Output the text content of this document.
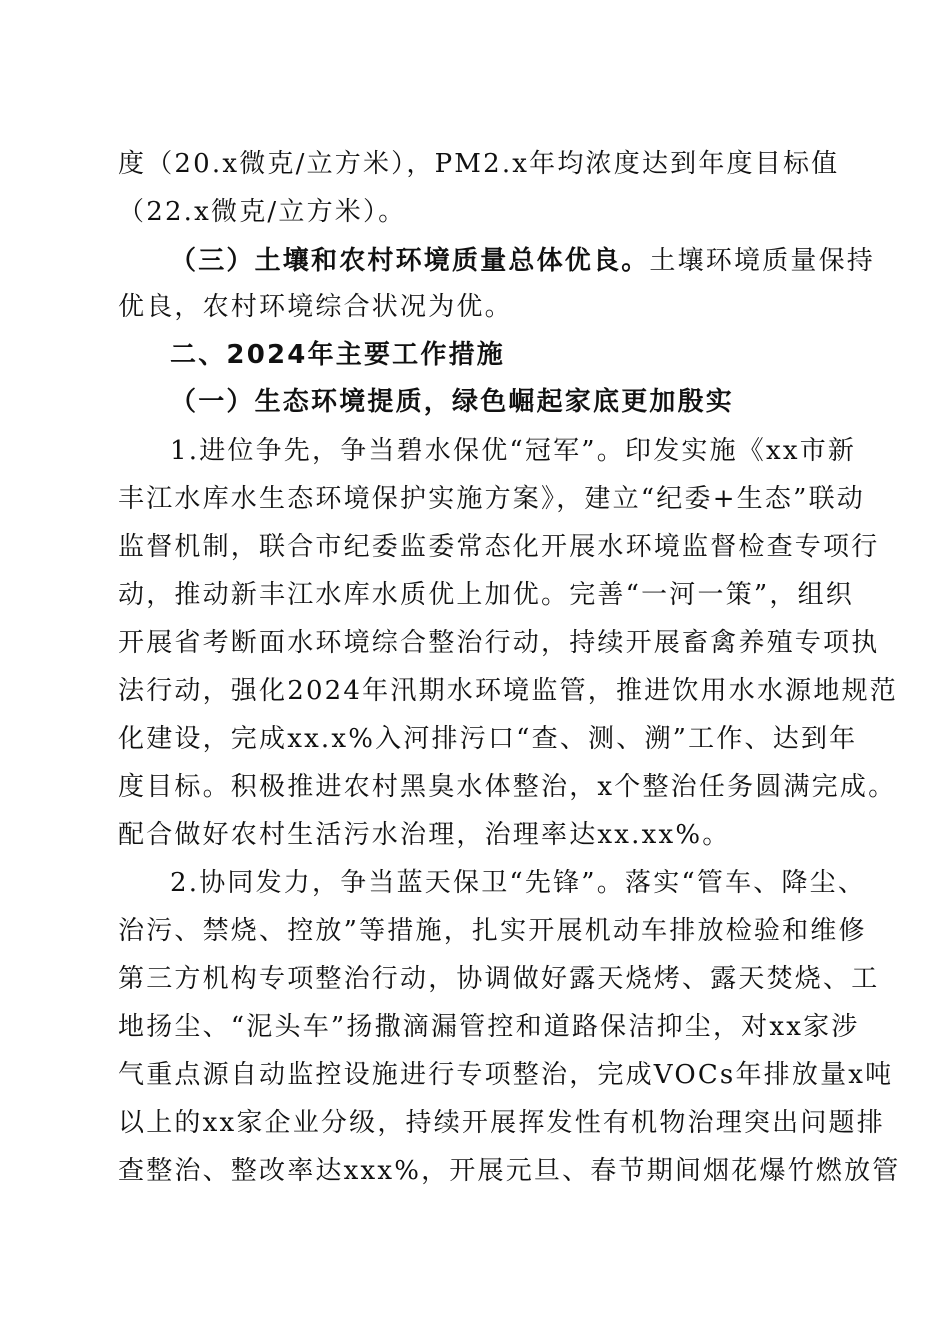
度（20.x微克/立方米），PM2.x年均浓度达到年度目标值
（22.x微克/立方米）。
（三）土壤和农村环境质量总体优良。土壤环境质量保持
优良，农村环境综合状况为优。
二、2024年主要工作措施
（一）生态环境提质，绿色崛起家底更加殷实
1.进位争先，争当碧水保优“冠军”。印发实施《xx市新
丰江水库水生态环境保护实施方案》，建立“纪委+生态”联动
监督机制，联合市纪委监委常态化开展水环境监督检查专项行
动，推动新丰江水库水质优上加优。完善“一河一策”，组织
开展省考断面水环境综合整治行动，持续开展畜禽养殖专项执
法行动，强化2024年汛期水环境监管，推进饮用水水源地规范
化建设，完成xx.x%入河排污口“查、测、溯”工作、达到年
度目标。积极推进农村黑臭水体整治，x个整治任务圆满完成。
配合做好农村生活污水治理，治理率达xx.xx%。
2.协同发力，争当蓝天保卫“先锋”。落实“管车、降尘、
治污、禁烧、控放”等措施，扎实开展机动车排放检验和维修
第三方机构专项整治行动，协调做好露天烧烤、露天焚烧、工
地扬尘、“泥头车”扬撒滴漏管控和道路保洁抑尘，对xx家涉
气重点源自动监控设施进行专项整治，完成VOCs年排放量x吨
以上的xx家企业分级，持续开展挥发性有机物治理突出问题排
查整治、整改率达xxx%，开展元旦、春节期间烟花爆竹燃放管
